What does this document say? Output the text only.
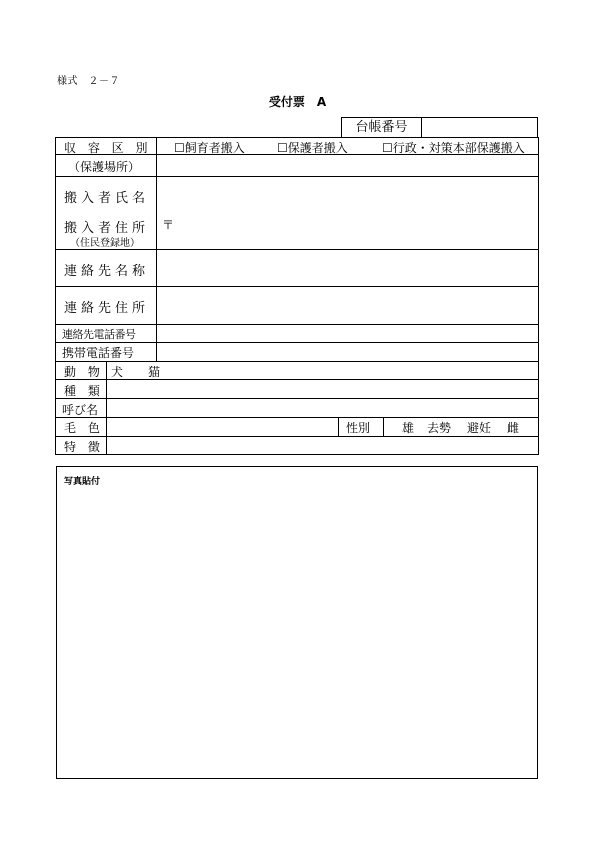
様式　２－７
受付票　A
台帳番号
収 容 区 別 ☐飼育者搬入	☐保護者搬入	☐行政・対策本部保護搬入
（保護場所）
搬入者氏名
搬入者住所
（住民登録地）
〒
連絡先名称
連絡先住所
連絡先電話番号
携帯電話番号
動 物 犬 猫
種 類
呼び名
毛 色	性別	雄 去勢 避妊 雌
特 徴
写真貼付
